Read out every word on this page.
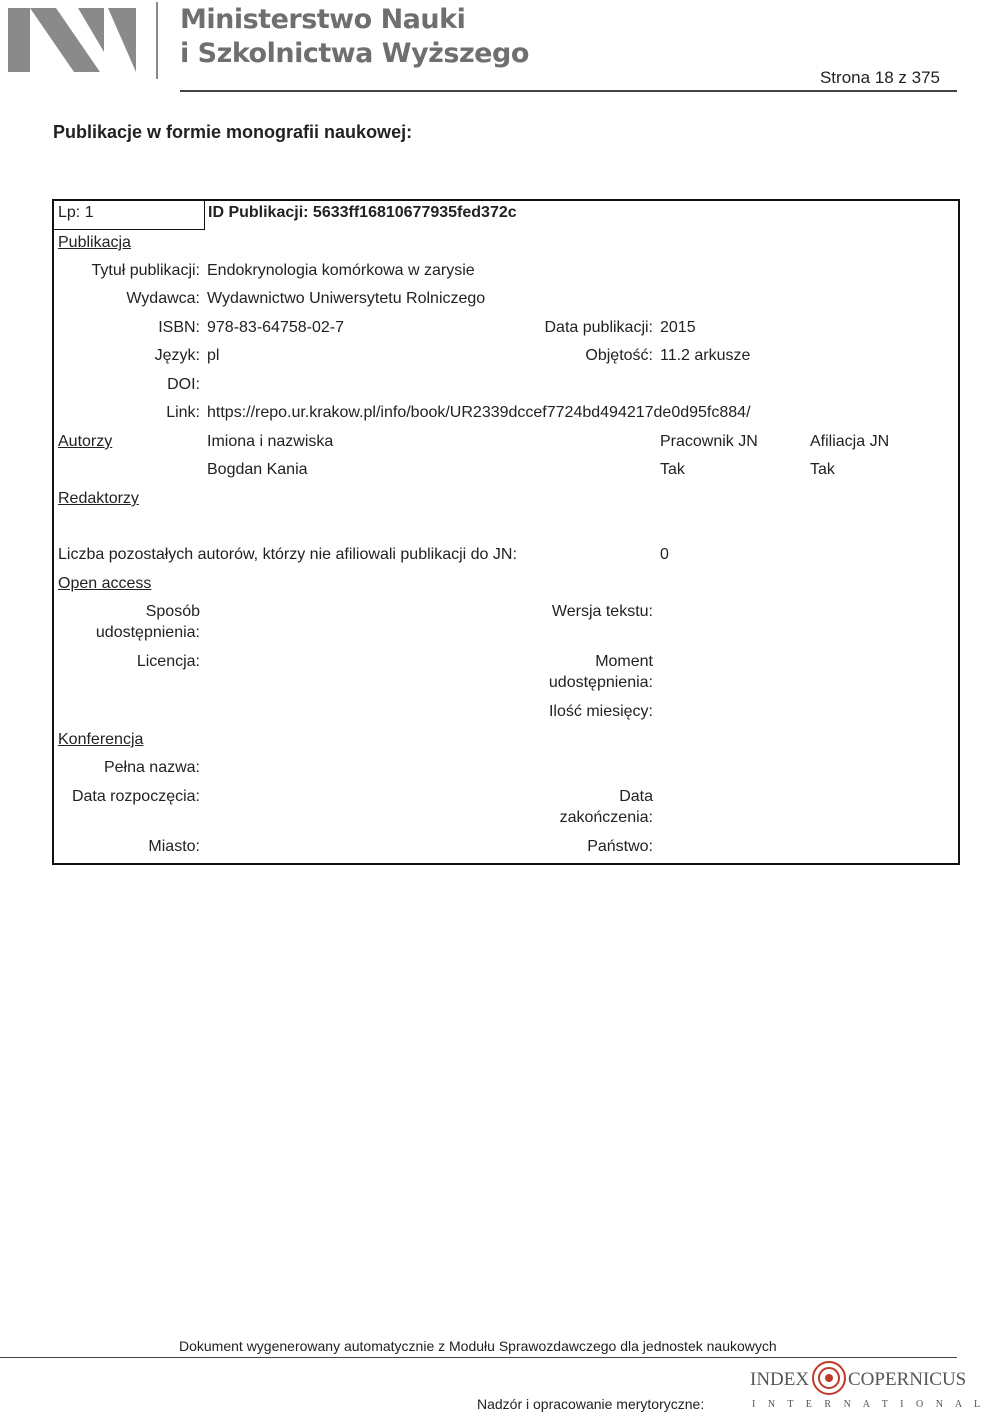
Ministerstwo Nauki
i Szkolnictwa Wyższego
Strona 18 z 375
Publikacje w formie monografii naukowej:
Lp: 1	ID Publikacji: 5633ff16810677935fed372c
Publikacja
Tytuł publikacji: Endokrynologia komórkowa w zarysie
Wydawca: Wydawnictwo Uniwersytetu Rolniczego
ISBN: 978-83-64758-02-7	Data publikacji: 2015
Język: pl	Objętość: 11.2 arkusze
DOI:
Link: https://repo.ur.krakow.pl/info/book/UR2339dccef7724bd494217de0d95fc884/
Autorzy	Imiona i nazwiska	Pracownik JN	Afiliacja JN
Bogdan Kania	Tak	Tak
Redaktorzy
Liczba pozostałych autorów, którzy nie afiliowali publikacji do JN:	0
Open access
Sposób
udostępnienia:
Wersja tekstu:
Licencja:	Moment
udostępnienia:
Ilość miesięcy:
Konferencja
Pełna nazwa:
Data rozpoczęcia:	Data
zakończenia:
Miasto:	Państwo:
Dokument wygenerowany automatycznie z Modułu Sprawozdawczego dla jednostek naukowych
Nadzór i opracowanie merytoryczne:
INDEX COPERNICUS
I N T E R N A T I O N A L
